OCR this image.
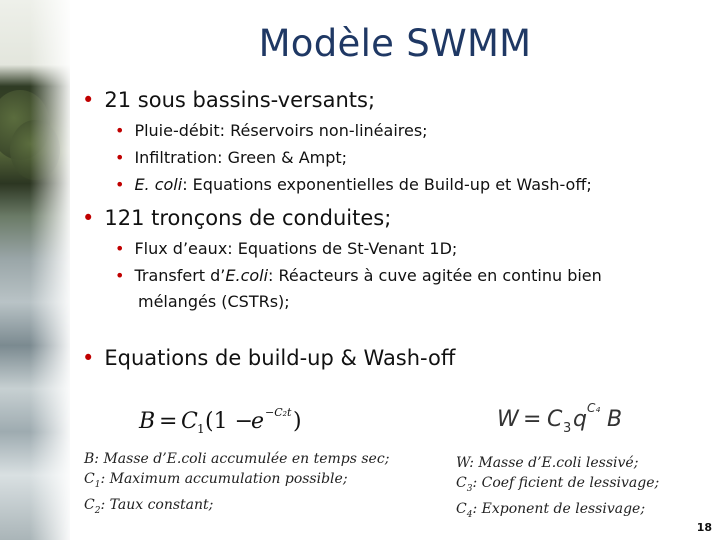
Modèle SWMM
• 21 sous bassins-versants;
• Pluie-débit: Réservoirs non-linéaires;
• Infiltration: Green & Ampt;
• E. coli: Equations exponentielles de Build-up et Wash-off;
• 121 tronçons de conduites;
• Flux d’eaux: Equations de St-Venant 1D;
• Transfert d’E.coli: Réacteurs à cuve agitée en continu bien
mélangés (CSTRs);
• Equations de build-up & Wash-off
B = C 1 (1 −
e −C₂t )	W = C 3 q C₄ B
B: Masse d’E.coli accumulée en temps sec;
$C_1$: Maximum accumulation possible;
$C_2$: Taux constant;
W: Masse d’E.coli lessivé;
$C_3$: Coef ficient de lessivage;
$C_4$: Exponent de lessivage;
18
